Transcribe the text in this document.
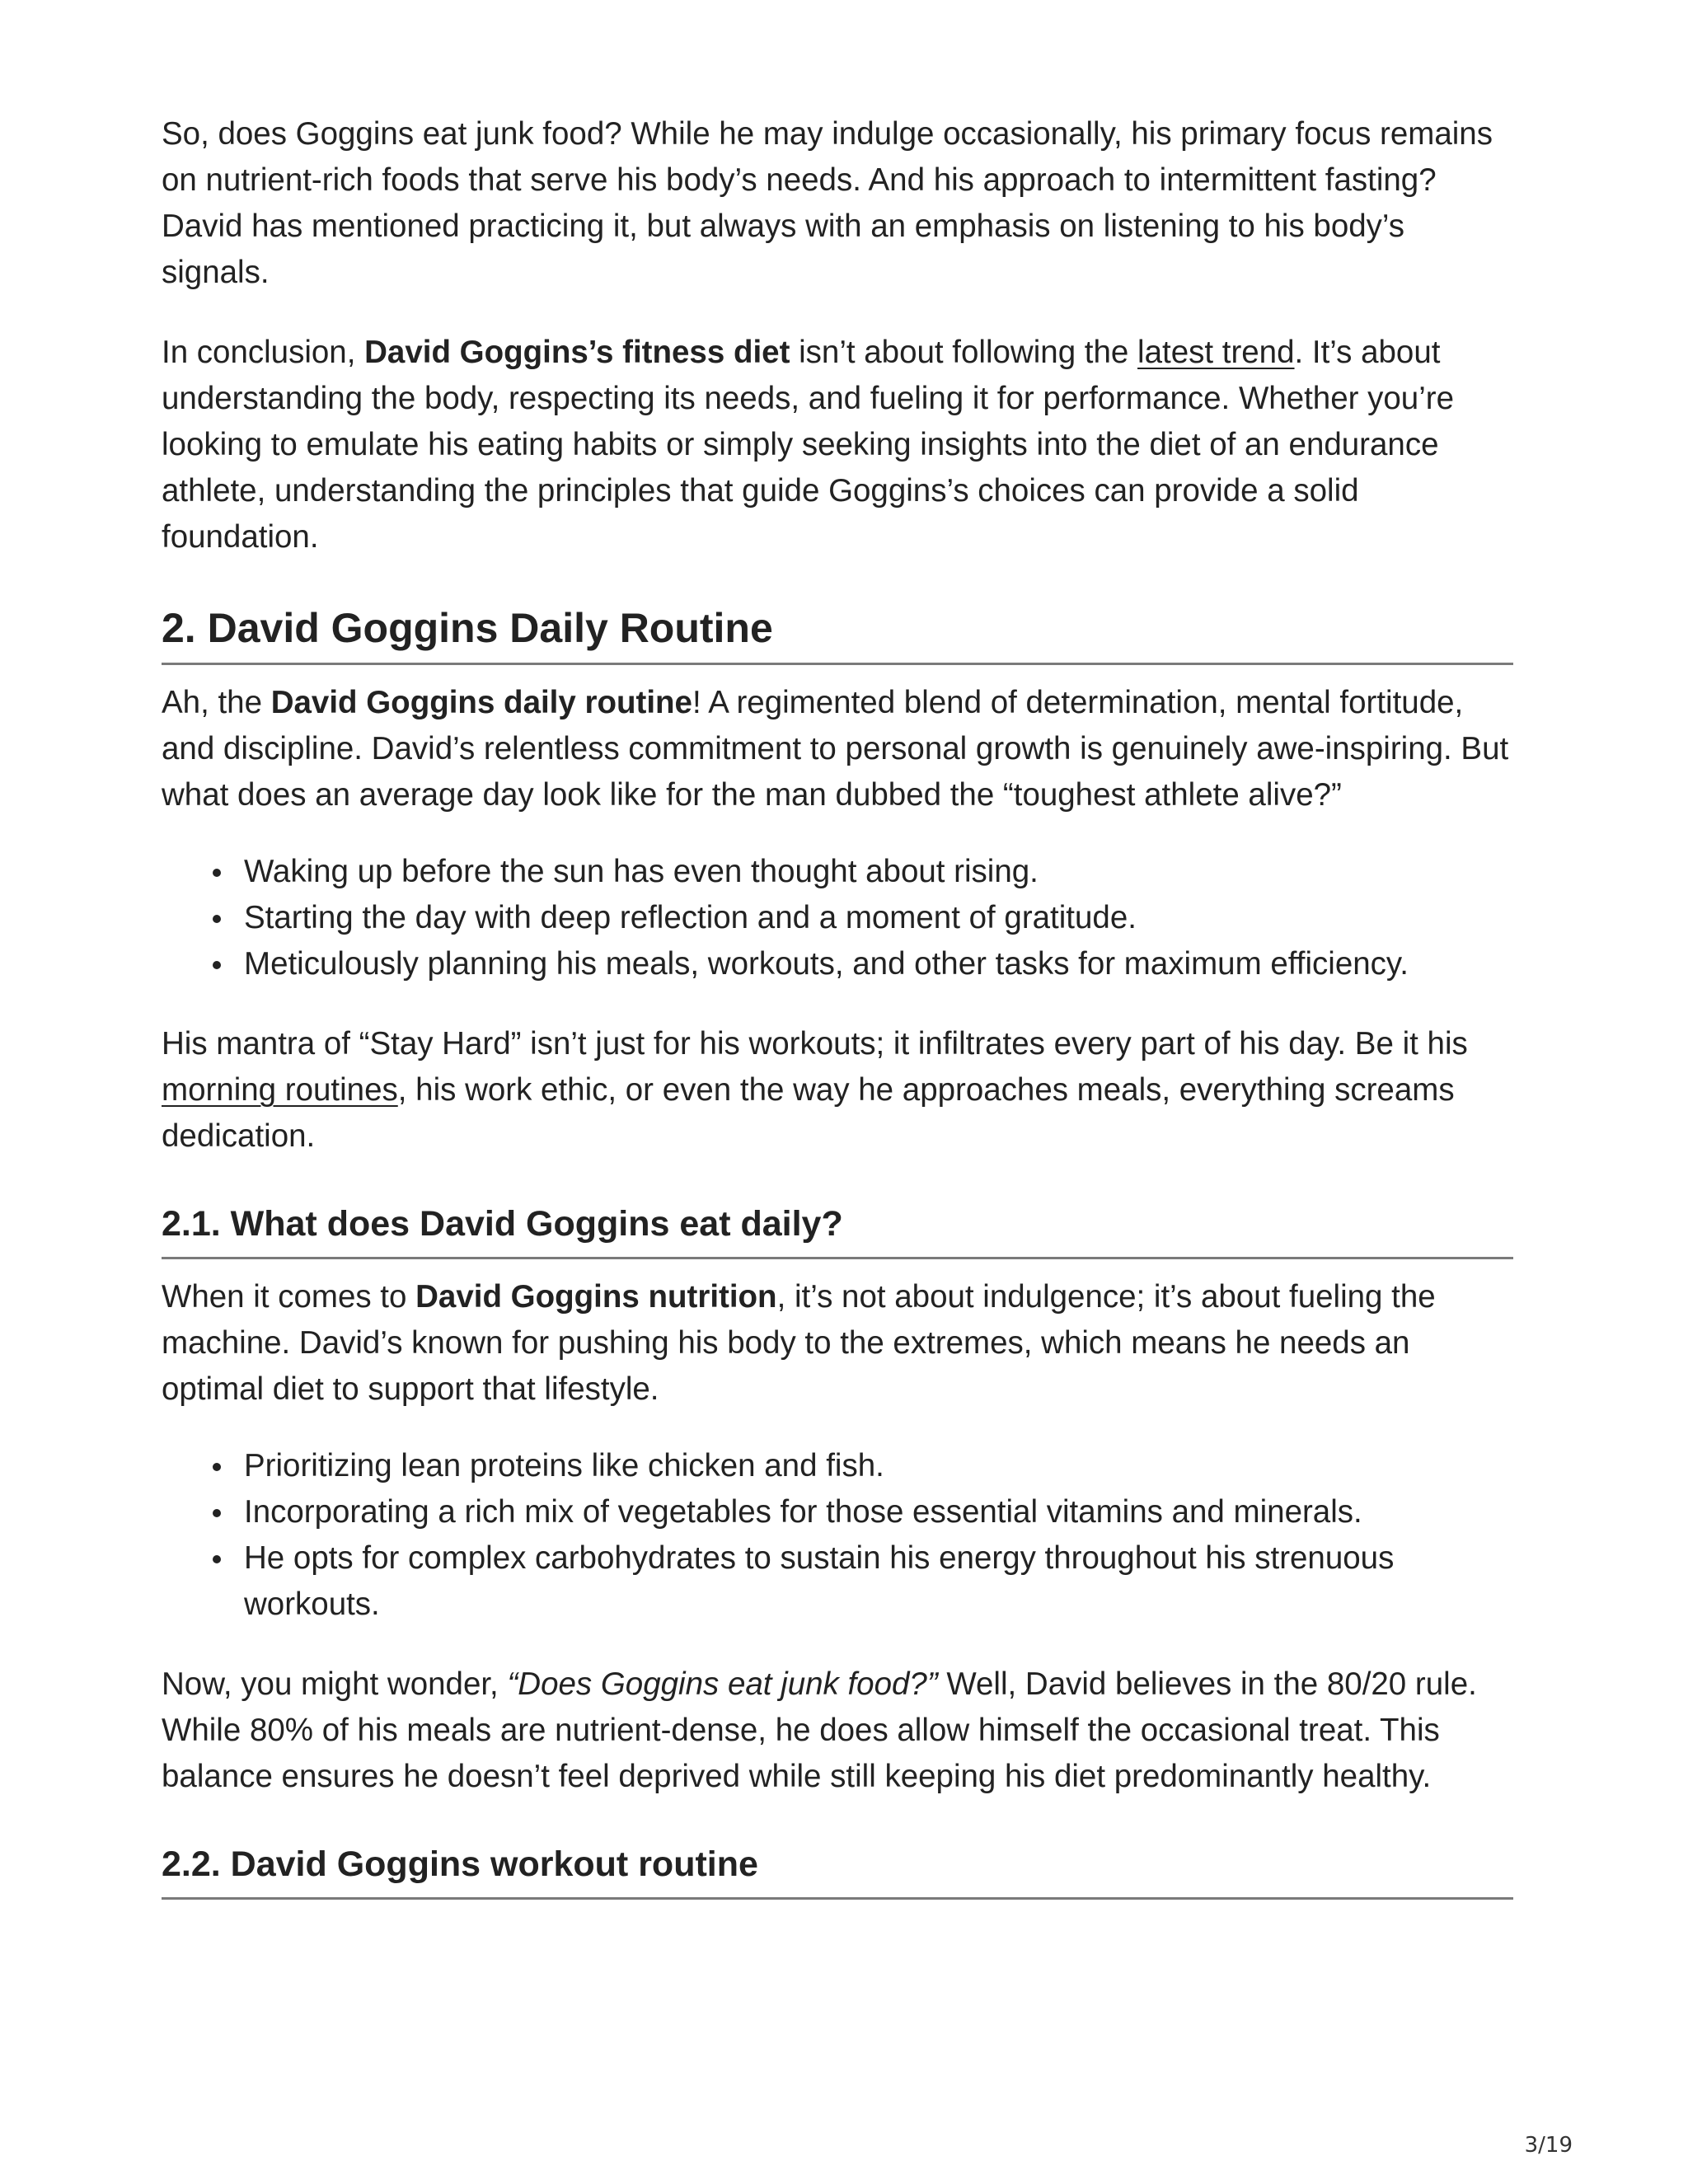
So, does Goggins eat junk food? While he may indulge occasionally, his primary focus remains on nutrient-rich foods that serve his body’s needs. And his approach to intermittent fasting? David has mentioned practicing it, but always with an emphasis on listening to his body’s signals.

In conclusion, David Goggins’s fitness diet isn’t about following the latest trend. It’s about understanding the body, respecting its needs, and fueling it for performance. Whether you’re looking to emulate his eating habits or simply seeking insights into the diet of an endurance athlete, understanding the principles that guide Goggins’s choices can provide a solid foundation.

2. David Goggins Daily Routine

Ah, the David Goggins daily routine! A regimented blend of determination, mental fortitude, and discipline. David’s relentless commitment to personal growth is genuinely awe-inspiring. But what does an average day look like for the man dubbed the “toughest athlete alive?”

Waking up before the sun has even thought about rising.
Starting the day with deep reflection and a moment of gratitude.
Meticulously planning his meals, workouts, and other tasks for maximum efficiency.

His mantra of “Stay Hard” isn’t just for his workouts; it infiltrates every part of his day. Be it his morning routines, his work ethic, or even the way he approaches meals, everything screams dedication.

2.1. What does David Goggins eat daily?

When it comes to David Goggins nutrition, it’s not about indulgence; it’s about fueling the machine. David’s known for pushing his body to the extremes, which means he needs an optimal diet to support that lifestyle.

Prioritizing lean proteins like chicken and fish.
Incorporating a rich mix of vegetables for those essential vitamins and minerals.
He opts for complex carbohydrates to sustain his energy throughout his strenuous workouts.

Now, you might wonder, “Does Goggins eat junk food?” Well, David believes in the 80/20 rule. While 80% of his meals are nutrient-dense, he does allow himself the occasional treat. This balance ensures he doesn’t feel deprived while still keeping his diet predominantly healthy.

2.2. David Goggins workout routine
3/19
